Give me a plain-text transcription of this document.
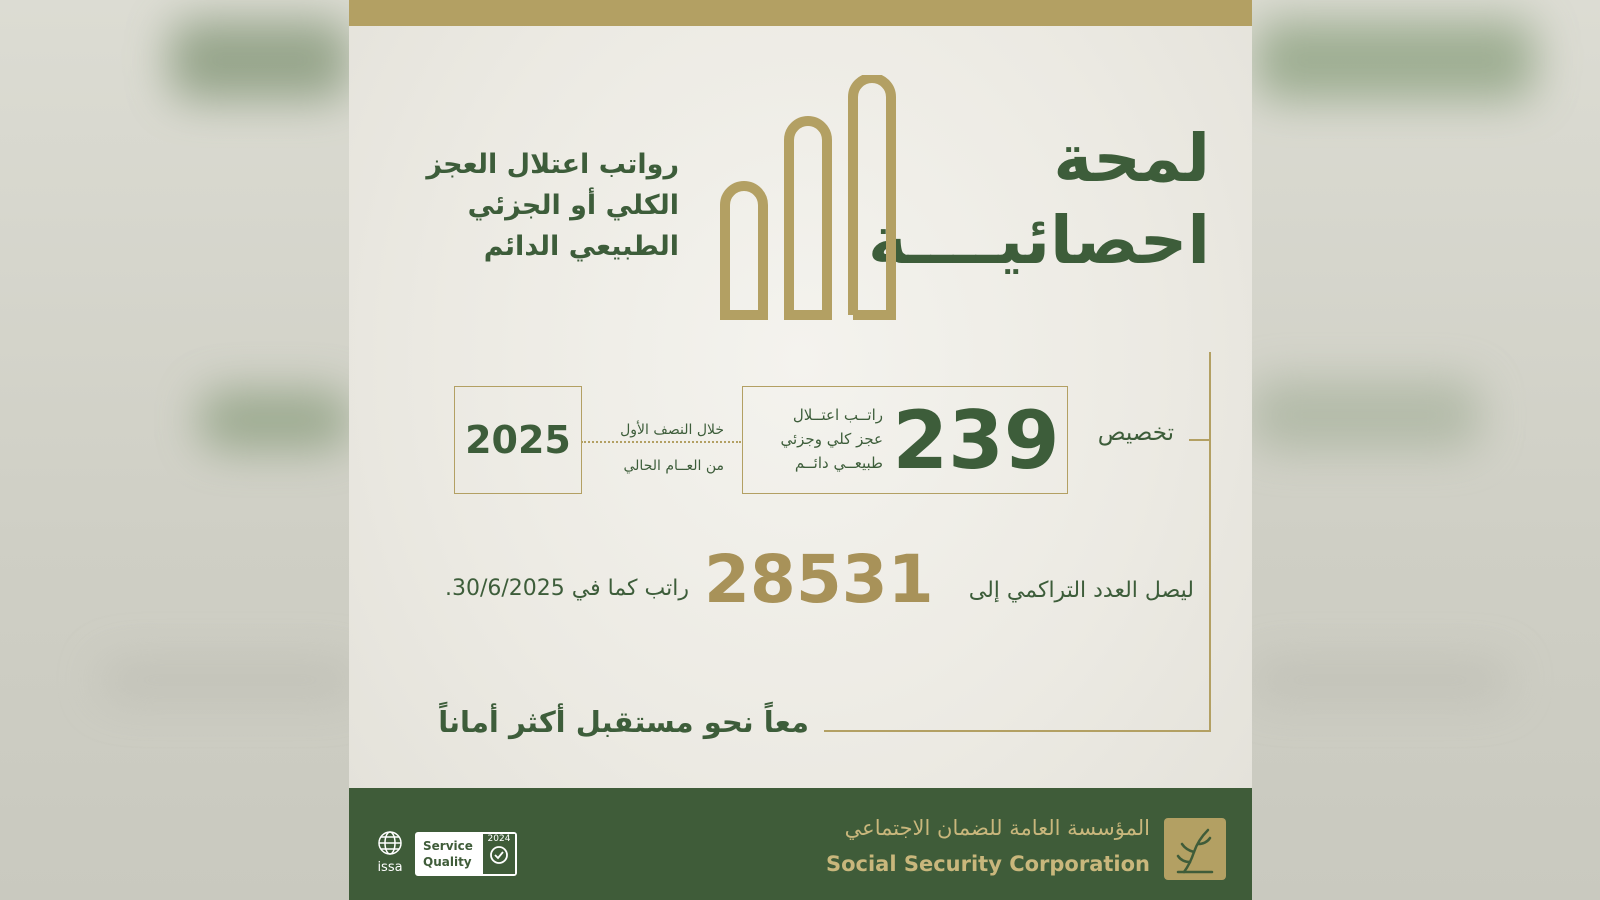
لمحة
احصائيــــة
رواتب اعتلال العجز
الكلي أو الجزئي
الطبيعي الدائم
تخصيص
239
راتــب اعتــلال
عجز كلي وجزئي
طبيعــي دائــم
خلال النصف الأول
من العــام الحالي
2025
ليصل العدد التراكمي إلى
28531
راتب كما في 30/6/2025.
معاً نحو مستقبل أكثر أماناً
المؤسسة العامة للضمان الاجتماعي
Social Security Corporation
issa
Service
Quality
2024
